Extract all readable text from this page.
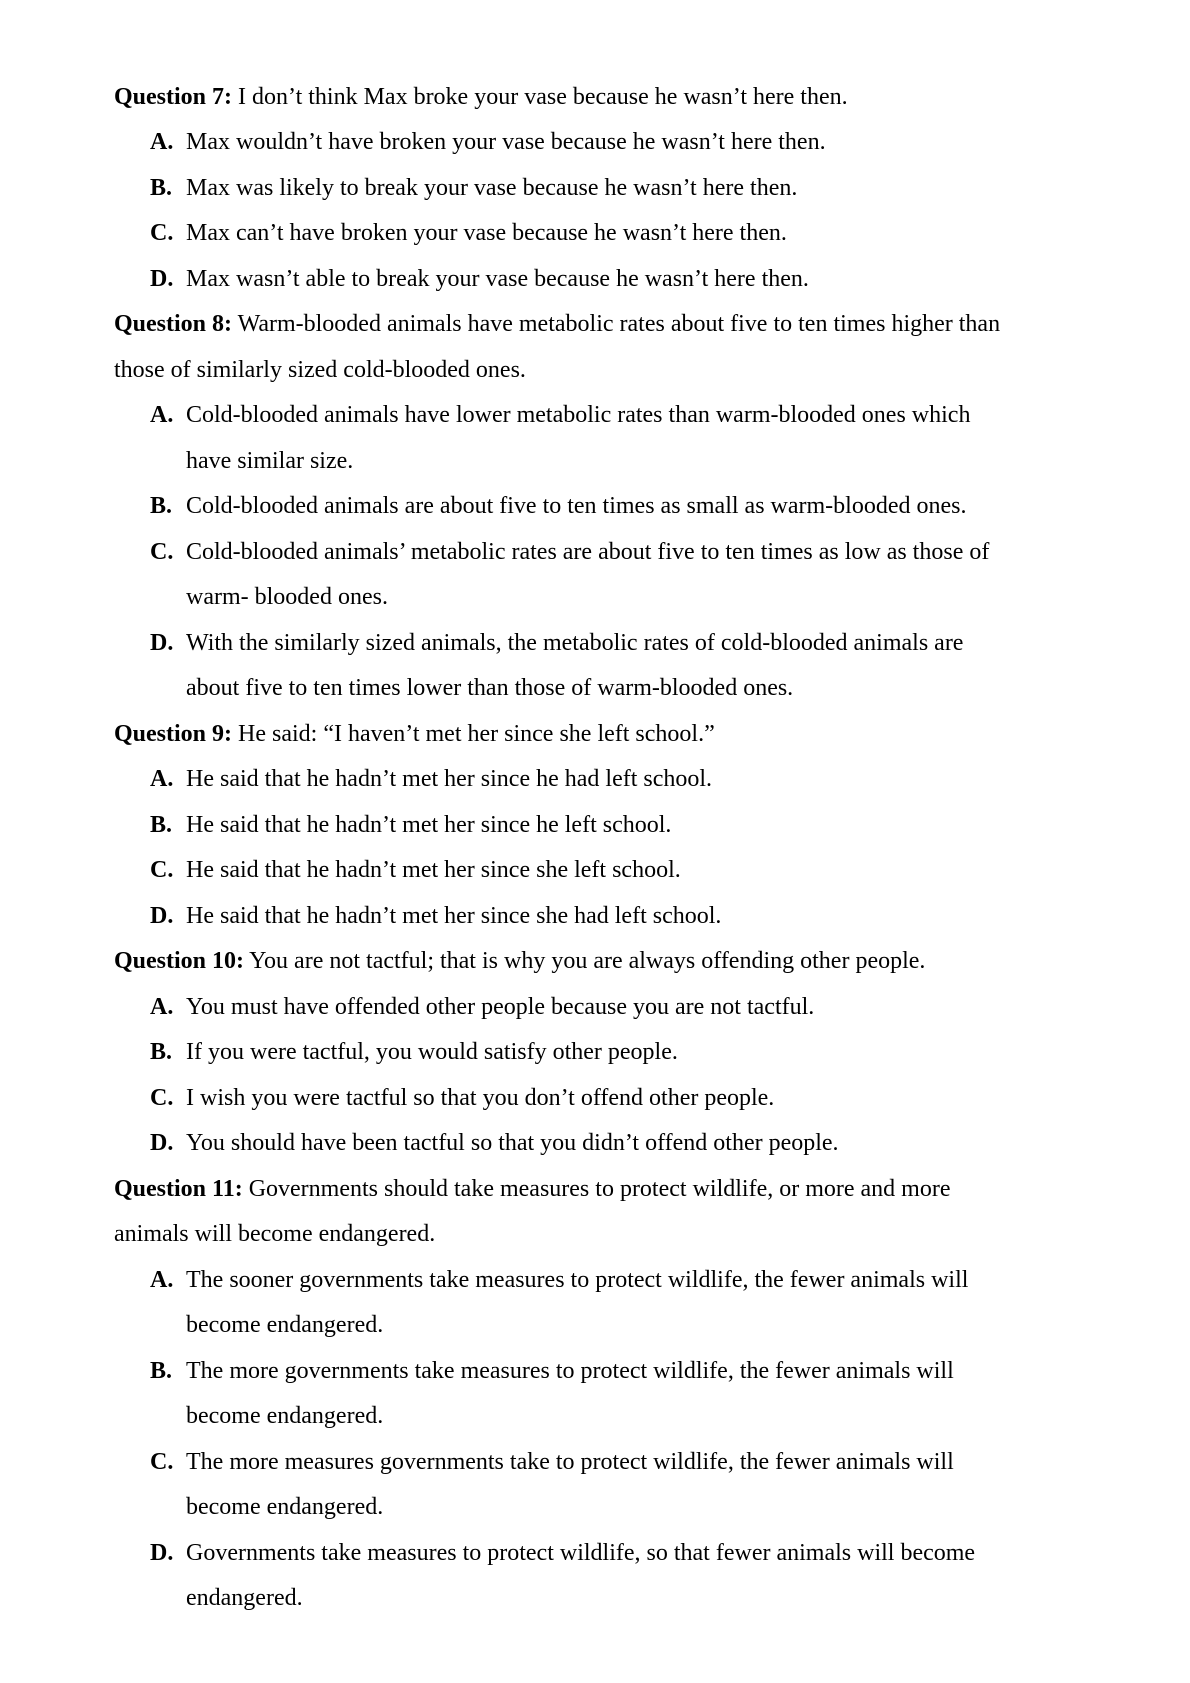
Question 7: I don’t think Max broke your vase because he wasn’t here then.
A. Max wouldn’t have broken your vase because he wasn’t here then.
B. Max was likely to break your vase because he wasn’t here then.
C. Max can’t have broken your vase because he wasn’t here then.
D. Max wasn’t able to break your vase because he wasn’t here then.
Question 8: Warm-blooded animals have metabolic rates about five to ten times higher than
those of similarly sized cold-blooded ones.
A. Cold-blooded animals have lower metabolic rates than warm-blooded ones which
have similar size.
B. Cold-blooded animals are about five to ten times as small as warm-blooded ones.
C. Cold-blooded animals’ metabolic rates are about five to ten times as low as those of
warm- blooded ones.
D. With the similarly sized animals, the metabolic rates of cold-blooded animals are
about five to ten times lower than those of warm-blooded ones.
Question 9: He said: “I haven’t met her since she left school.”
A. He said that he hadn’t met her since he had left school.
B. He said that he hadn’t met her since he left school.
C. He said that he hadn’t met her since she left school.
D. He said that he hadn’t met her since she had left school.
Question 10: You are not tactful; that is why you are always offending other people.
A. You must have offended other people because you are not tactful.
B. If you were tactful, you would satisfy other people.
C. I wish you were tactful so that you don’t offend other people.
D. You should have been tactful so that you didn’t offend other people.
Question 11: Governments should take measures to protect wildlife, or more and more
animals will become endangered.
A. The sooner governments take measures to protect wildlife, the fewer animals will
become endangered.
B. The more governments take measures to protect wildlife, the fewer animals will
become endangered.
C. The more measures governments take to protect wildlife, the fewer animals will
become endangered.
D. Governments take measures to protect wildlife, so that fewer animals will become
endangered.
